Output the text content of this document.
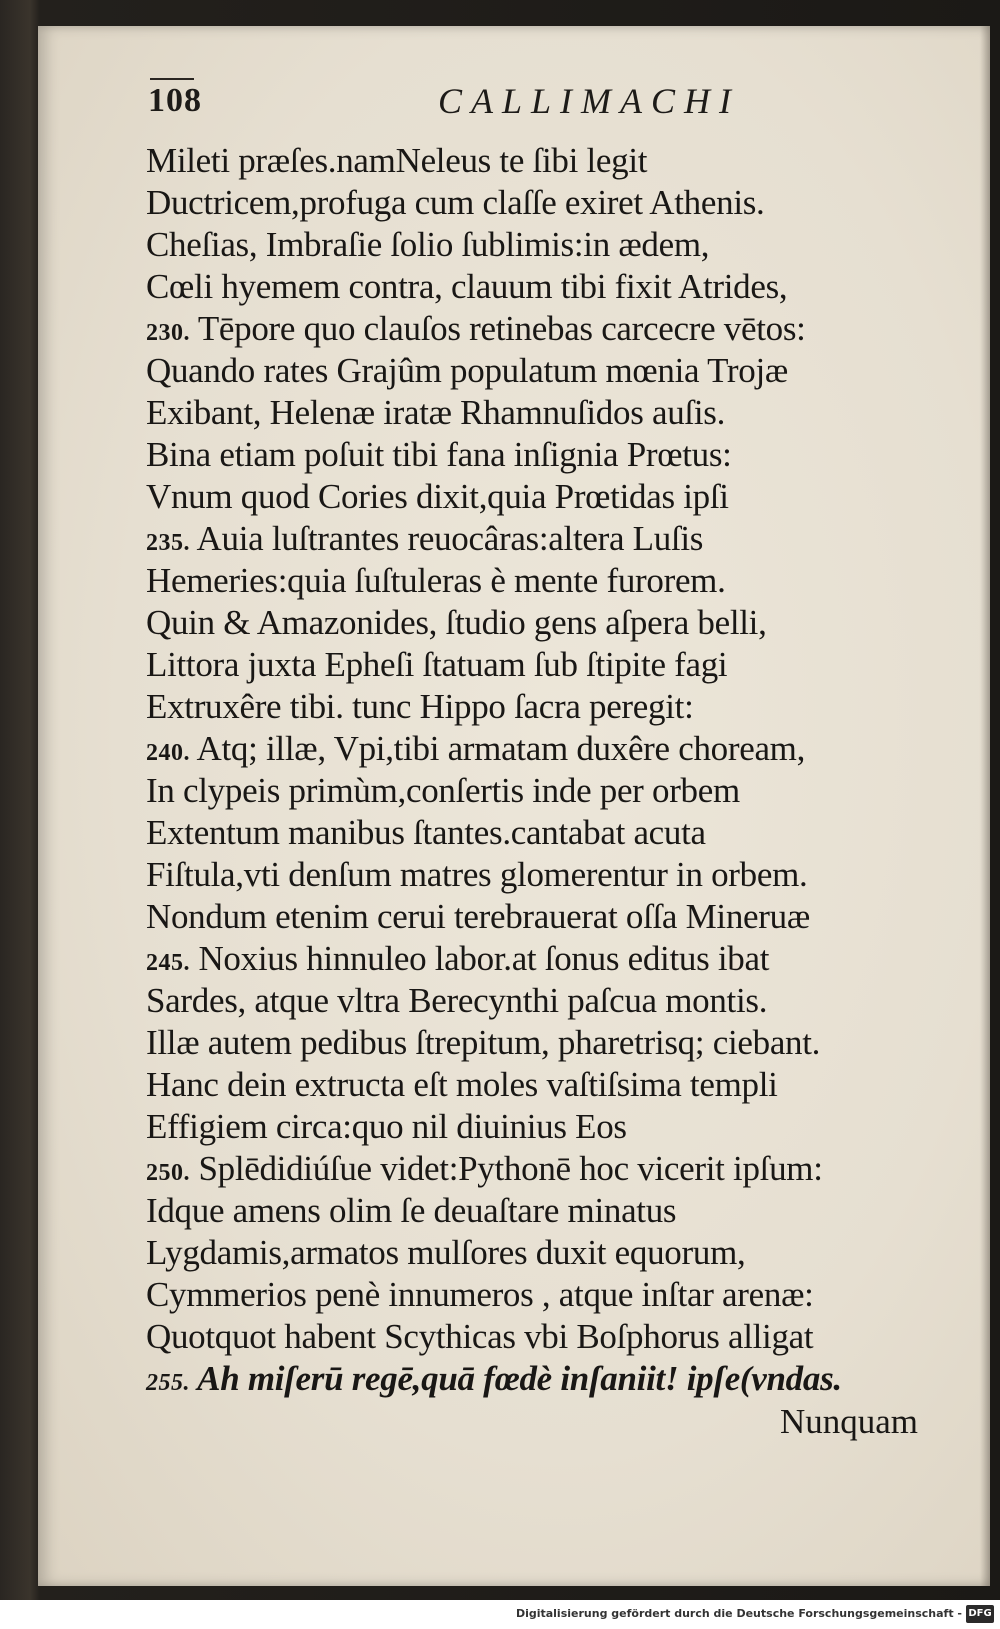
108	CALLIMACHI
Mileti præſes.namNeleus te ſibi legit
Ductricem,profuga cum claſſe exiret Athenis.
Cheſias, Imbraſie ſolio ſublimis:in ædem,
Cœli hyemem contra, clauum tibi fixit Atrides,
230. Tēpore quo clauſos retinebas carcecre vētos:
Quando rates Grajûm populatum mœnia Trojæ
Exibant, Helenæ iratæ Rhamnuſidos auſis.
Bina etiam poſuit tibi fana inſignia Prœtus:
Vnum quod Cories dixit,quia Prœtidas ipſi
235. Auia luſtrantes reuocâras:altera Luſis
Hemeries:quia ſuſtuleras è mente furorem.
Quin & Amazonides, ſtudio gens aſpera belli,
Littora juxta Epheſi ſtatuam ſub ſtipite fagi
Extruxêre tibi. tunc Hippo ſacra peregit:
240. Atq; illæ, Vpi,tibi armatam duxêre choream,
In clypeis primùm,conſertis inde per orbem
Extentum manibus ſtantes.cantabat acuta
Fiſtula,vti denſum matres glomerentur in orbem.
Nondum etenim cerui terebrauerat oſſa Mineruæ
245. Noxius hinnuleo labor.at ſonus editus ibat
Sardes, atque vltra Berecynthi paſcua montis.
Illæ autem pedibus ſtrepitum, pharetrisq; ciebant.
Hanc dein extructa eſt moles vaſtiſsima templi
Effigiem circa:quo nil diuinius Eos
250. Splēdidiúſue videt:Pythonē hoc vicerit ipſum:
Idque amens olim ſe deuaſtare minatus
Lygdamis,armatos mulſores duxit equorum,
Cymmerios penè innumeros , atque inſtar arenæ:
Quotquot habent Scythicas vbi Boſphorus alligat
255. Ah miſerū regē,quā fœdè inſaniit! ipſe(vndas.
Nunquam
Digitalisierung gefördert durch die Deutsche Forschungsgemeinschaft - DFG
